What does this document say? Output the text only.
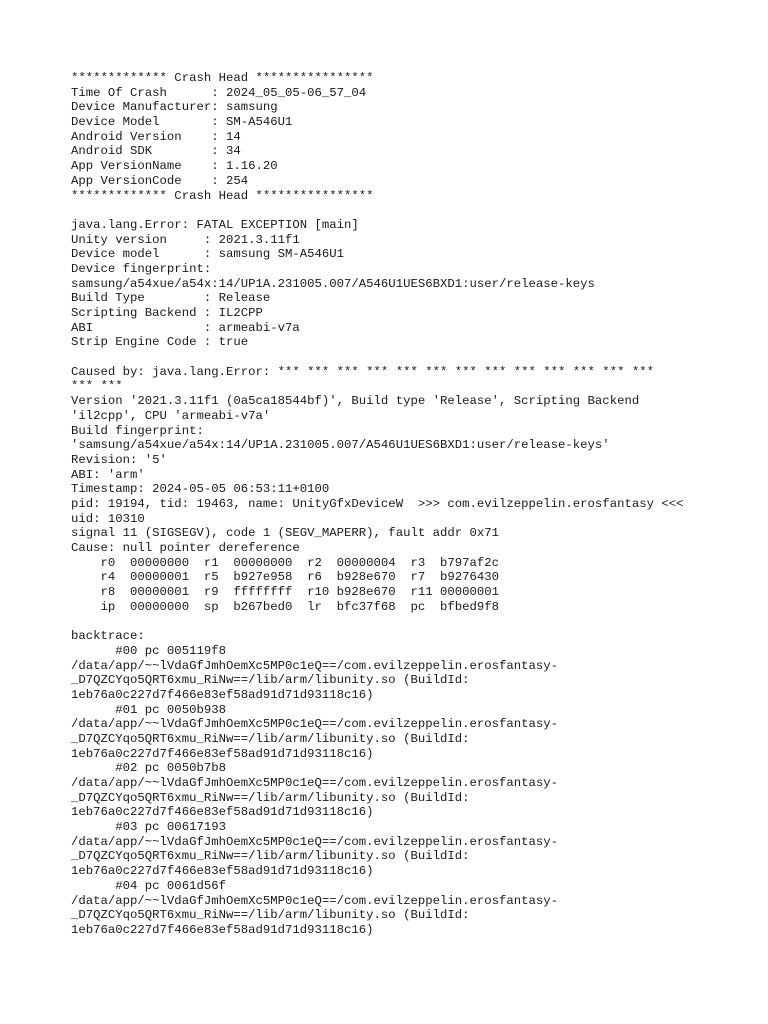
************* Crash Head ****************
Time Of Crash      : 2024_05_05-06_57_04
Device Manufacturer: samsung
Device Model       : SM-A546U1
Android Version    : 14
Android SDK        : 34
App VersionName    : 1.16.20
App VersionCode    : 254
************* Crash Head ****************
java.lang.Error: FATAL EXCEPTION [main]
Unity version     : 2021.3.11f1
Device model      : samsung SM-A546U1
Device fingerprint:
samsung/a54xue/a54x:14/UP1A.231005.007/A546U1UES6BXD1:user/release-keys
Build Type        : Release
Scripting Backend : IL2CPP
ABI               : armeabi-v7a
Strip Engine Code : true
Caused by: java.lang.Error: *** *** *** *** *** *** *** *** *** *** *** *** ***
*** ***
Version '2021.3.11f1 (0a5ca18544bf)', Build type 'Release', Scripting Backend
'il2cpp', CPU 'armeabi-v7a'
Build fingerprint:
'samsung/a54xue/a54x:14/UP1A.231005.007/A546U1UES6BXD1:user/release-keys'
Revision: '5'
ABI: 'arm'
Timestamp: 2024-05-05 06:53:11+0100
pid: 19194, tid: 19463, name: UnityGfxDeviceW  >>> com.evilzeppelin.erosfantasy <<<
uid: 10310
signal 11 (SIGSEGV), code 1 (SEGV_MAPERR), fault addr 0x71
Cause: null pointer dereference
r0  00000000  r1  00000000  r2  00000004  r3  b797af2c
r4  00000001  r5  b927e958  r6  b928e670  r7  b9276430
r8  00000001  r9  ffffffff  r10 b928e670  r11 00000001
ip  00000000  sp  b267bed0  lr  bfc37f68  pc  bfbed9f8
backtrace:
#00 pc 005119f8
/data/app/~~lVdaGfJmhOemXc5MP0c1eQ==/com.evilzeppelin.erosfantasy-
_D7QZCYqo5QRT6xmu_RiNw==/lib/arm/libunity.so (BuildId:
1eb76a0c227d7f466e83ef58ad91d71d93118c16)
#01 pc 0050b938
/data/app/~~lVdaGfJmhOemXc5MP0c1eQ==/com.evilzeppelin.erosfantasy-
_D7QZCYqo5QRT6xmu_RiNw==/lib/arm/libunity.so (BuildId:
1eb76a0c227d7f466e83ef58ad91d71d93118c16)
#02 pc 0050b7b8
/data/app/~~lVdaGfJmhOemXc5MP0c1eQ==/com.evilzeppelin.erosfantasy-
_D7QZCYqo5QRT6xmu_RiNw==/lib/arm/libunity.so (BuildId:
1eb76a0c227d7f466e83ef58ad91d71d93118c16)
#03 pc 00617193
/data/app/~~lVdaGfJmhOemXc5MP0c1eQ==/com.evilzeppelin.erosfantasy-
_D7QZCYqo5QRT6xmu_RiNw==/lib/arm/libunity.so (BuildId:
1eb76a0c227d7f466e83ef58ad91d71d93118c16)
#04 pc 0061d56f
/data/app/~~lVdaGfJmhOemXc5MP0c1eQ==/com.evilzeppelin.erosfantasy-
_D7QZCYqo5QRT6xmu_RiNw==/lib/arm/libunity.so (BuildId:
1eb76a0c227d7f466e83ef58ad91d71d93118c16)
